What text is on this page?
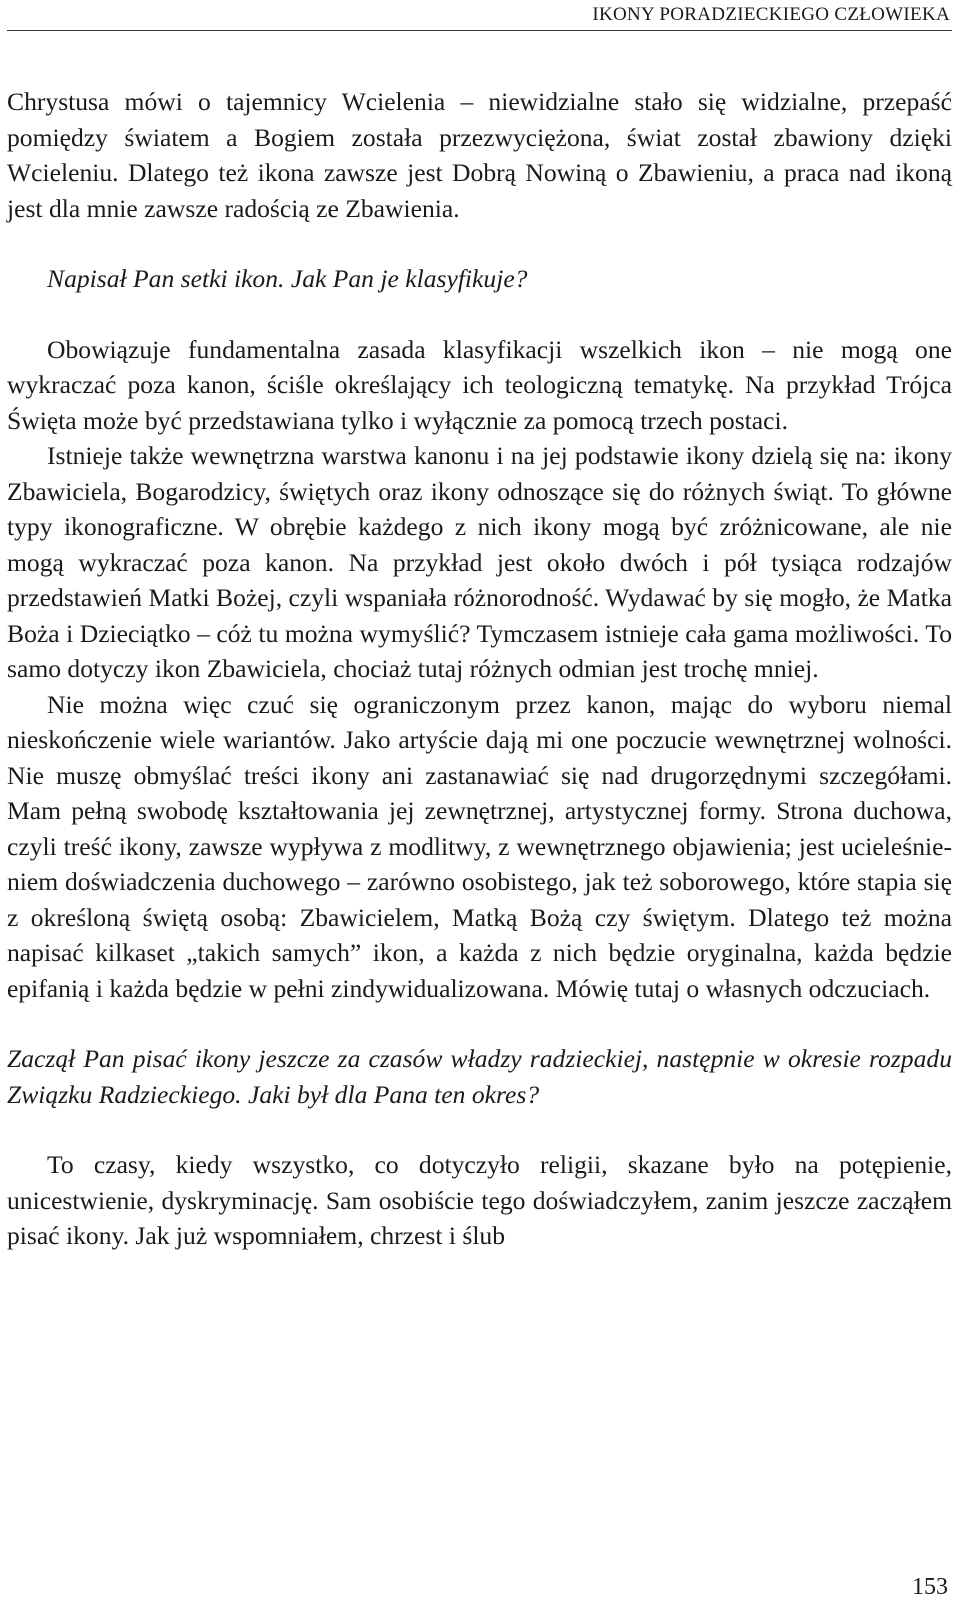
IKONY PORADZIECKIEGO CZŁOWIEKA

Chrystusa mówi o tajemnicy Wcielenia – niewidzialne stało się widzialne, przepaść pomiędzy światem a Bogiem została przezwyciężona, świat został zbawiony dzięki Wcieleniu. Dlatego też ikona zawsze jest Dobrą Nowiną o Zbawieniu, a praca nad ikoną jest dla mnie zawsze radością ze Zbawienia.

Napisał Pan setki ikon. Jak Pan je klasyfikuje?

Obowiązuje fundamentalna zasada klasyfikacji wszelkich ikon – nie mogą one wykraczać poza kanon, ściśle określający ich teologiczną tematykę. Na przykład Trójca Święta może być przedstawiana tylko i wyłącznie za pomocą trzech postaci.

Istnieje także wewnętrzna warstwa kanonu i na jej podstawie ikony dzielą się na: ikony Zbawiciela, Bogarodzicy, świętych oraz ikony odnoszące się do różnych świąt. To główne typy ikonograficzne. W obrębie każdego z nich ikony mogą być zróżnicowane, ale nie mogą wykraczać poza kanon. Na przykład jest około dwóch i pół tysiąca rodzajów przedstawień Matki Bożej, czyli wspaniała różnorodność. Wydawać by się mogło, że Matka Boża i Dzieciątko – cóż tu można wymyślić? Tymczasem istnieje cała gama możliwości. To samo dotyczy ikon Zbawiciela, chociaż tutaj różnych odmian jest trochę mniej.

Nie można więc czuć się ograniczonym przez kanon, mając do wyboru niemal nieskończenie wiele wariantów. Jako artyście dają mi one poczucie wewnętrznej wolności. Nie muszę obmyślać treści ikony ani zastanawiać się nad drugorzędnymi szczegółami. Mam pełną swobodę kształtowania jej zewnętrznej, artystycznej formy. Strona duchowa, czyli treść ikony, zawsze wypływa z modlitwy, z wewnętrznego objawienia; jest ucieleśnieniem doświadczenia duchowego – zarówno osobistego, jak też soborowego, które stapia się z określoną świętą osobą: Zbawicielem, Matką Bożą czy świętym. Dlatego też można napisać kilkaset „takich samych” ikon, a każda z nich będzie oryginalna, każda będzie epifanią i każda będzie w pełni zindywidualizowana. Mówię tutaj o własnych odczuciach.

Zaczął Pan pisać ikony jeszcze za czasów władzy radzieckiej, następnie w okresie rozpadu Związku Radzieckiego. Jaki był dla Pana ten okres?

To czasy, kiedy wszystko, co dotyczyło religii, skazane było na potępienie, unicestwienie, dyskryminację. Sam osobiście tego doświadczyłem, zanim jeszcze zacząłem pisać ikony. Jak już wspomniałem, chrzest i ślub

153
